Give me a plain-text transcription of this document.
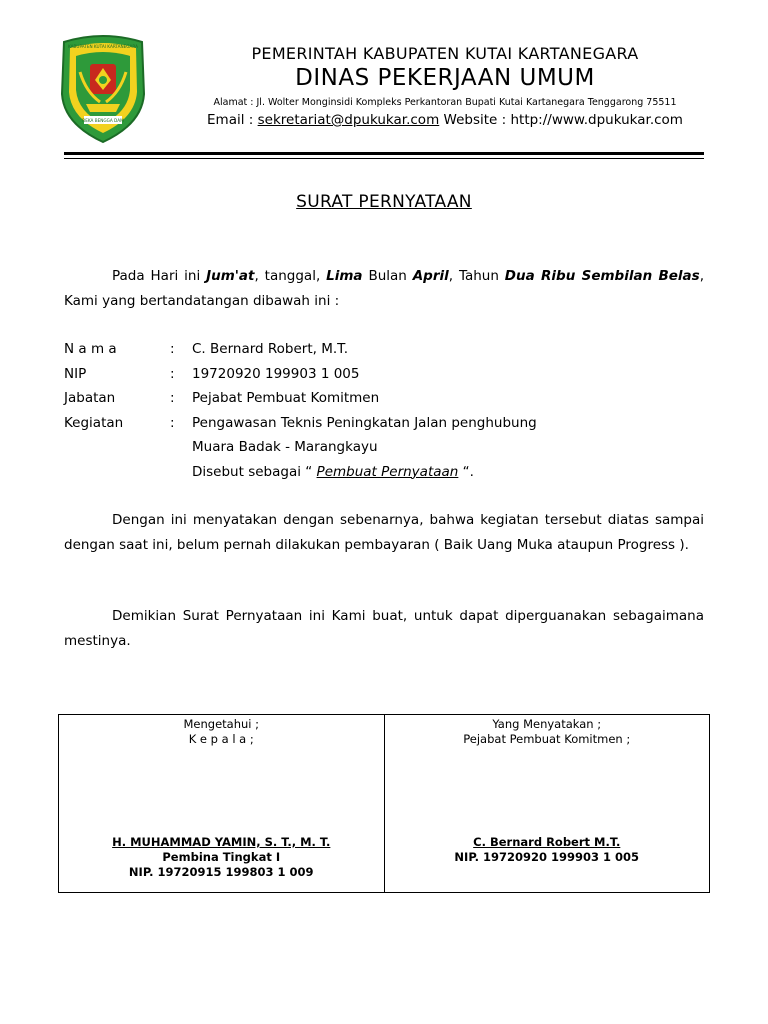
KABUPATEN KUTAI KARTANEGARA
REKA BENGGA DAM
PEMERINTAH KABUPATEN KUTAI KARTANEGARA
DINAS PEKERJAAN UMUM
Alamat : Jl. Wolter Monginsidi Kompleks Perkantoran Bupati Kutai Kartanegara Tenggarong 75511
Email : sekretariat@dpukukar.com Website : http://www.dpukukar.com
SURAT PERNYATAAN
Pada Hari ini Jum'at, tanggal, Lima Bulan April, Tahun Dua Ribu Sembilan Belas, Kami yang bertandatangan dibawah ini :
N a m a	:	C. Bernard Robert, M.T.
NIP	:	19720920 199903 1 005
Jabatan	:	Pejabat Pembuat Komitmen
Kegiatan	:	Pengawasan Teknis Peningkatan Jalan penghubung
Muara Badak - Marangkayu
Disebut sebagai “ Pembuat Pernyataan “.
Dengan ini menyatakan dengan sebenarnya, bahwa kegiatan tersebut diatas sampai dengan saat ini, belum pernah dilakukan pembayaran ( Baik Uang Muka ataupun Progress ).
Demikian Surat Pernyataan ini Kami buat, untuk dapat diperguanakan sebagaimana mestinya.
Mengetahui ;
K e p a l a ;
H. MUHAMMAD YAMIN, S. T., M. T.
Pembina Tingkat I
NIP. 19720915 199803 1 009
Yang Menyatakan ;
Pejabat Pembuat Komitmen ;
C. Bernard Robert M.T.
NIP. 19720920 199903 1 005
